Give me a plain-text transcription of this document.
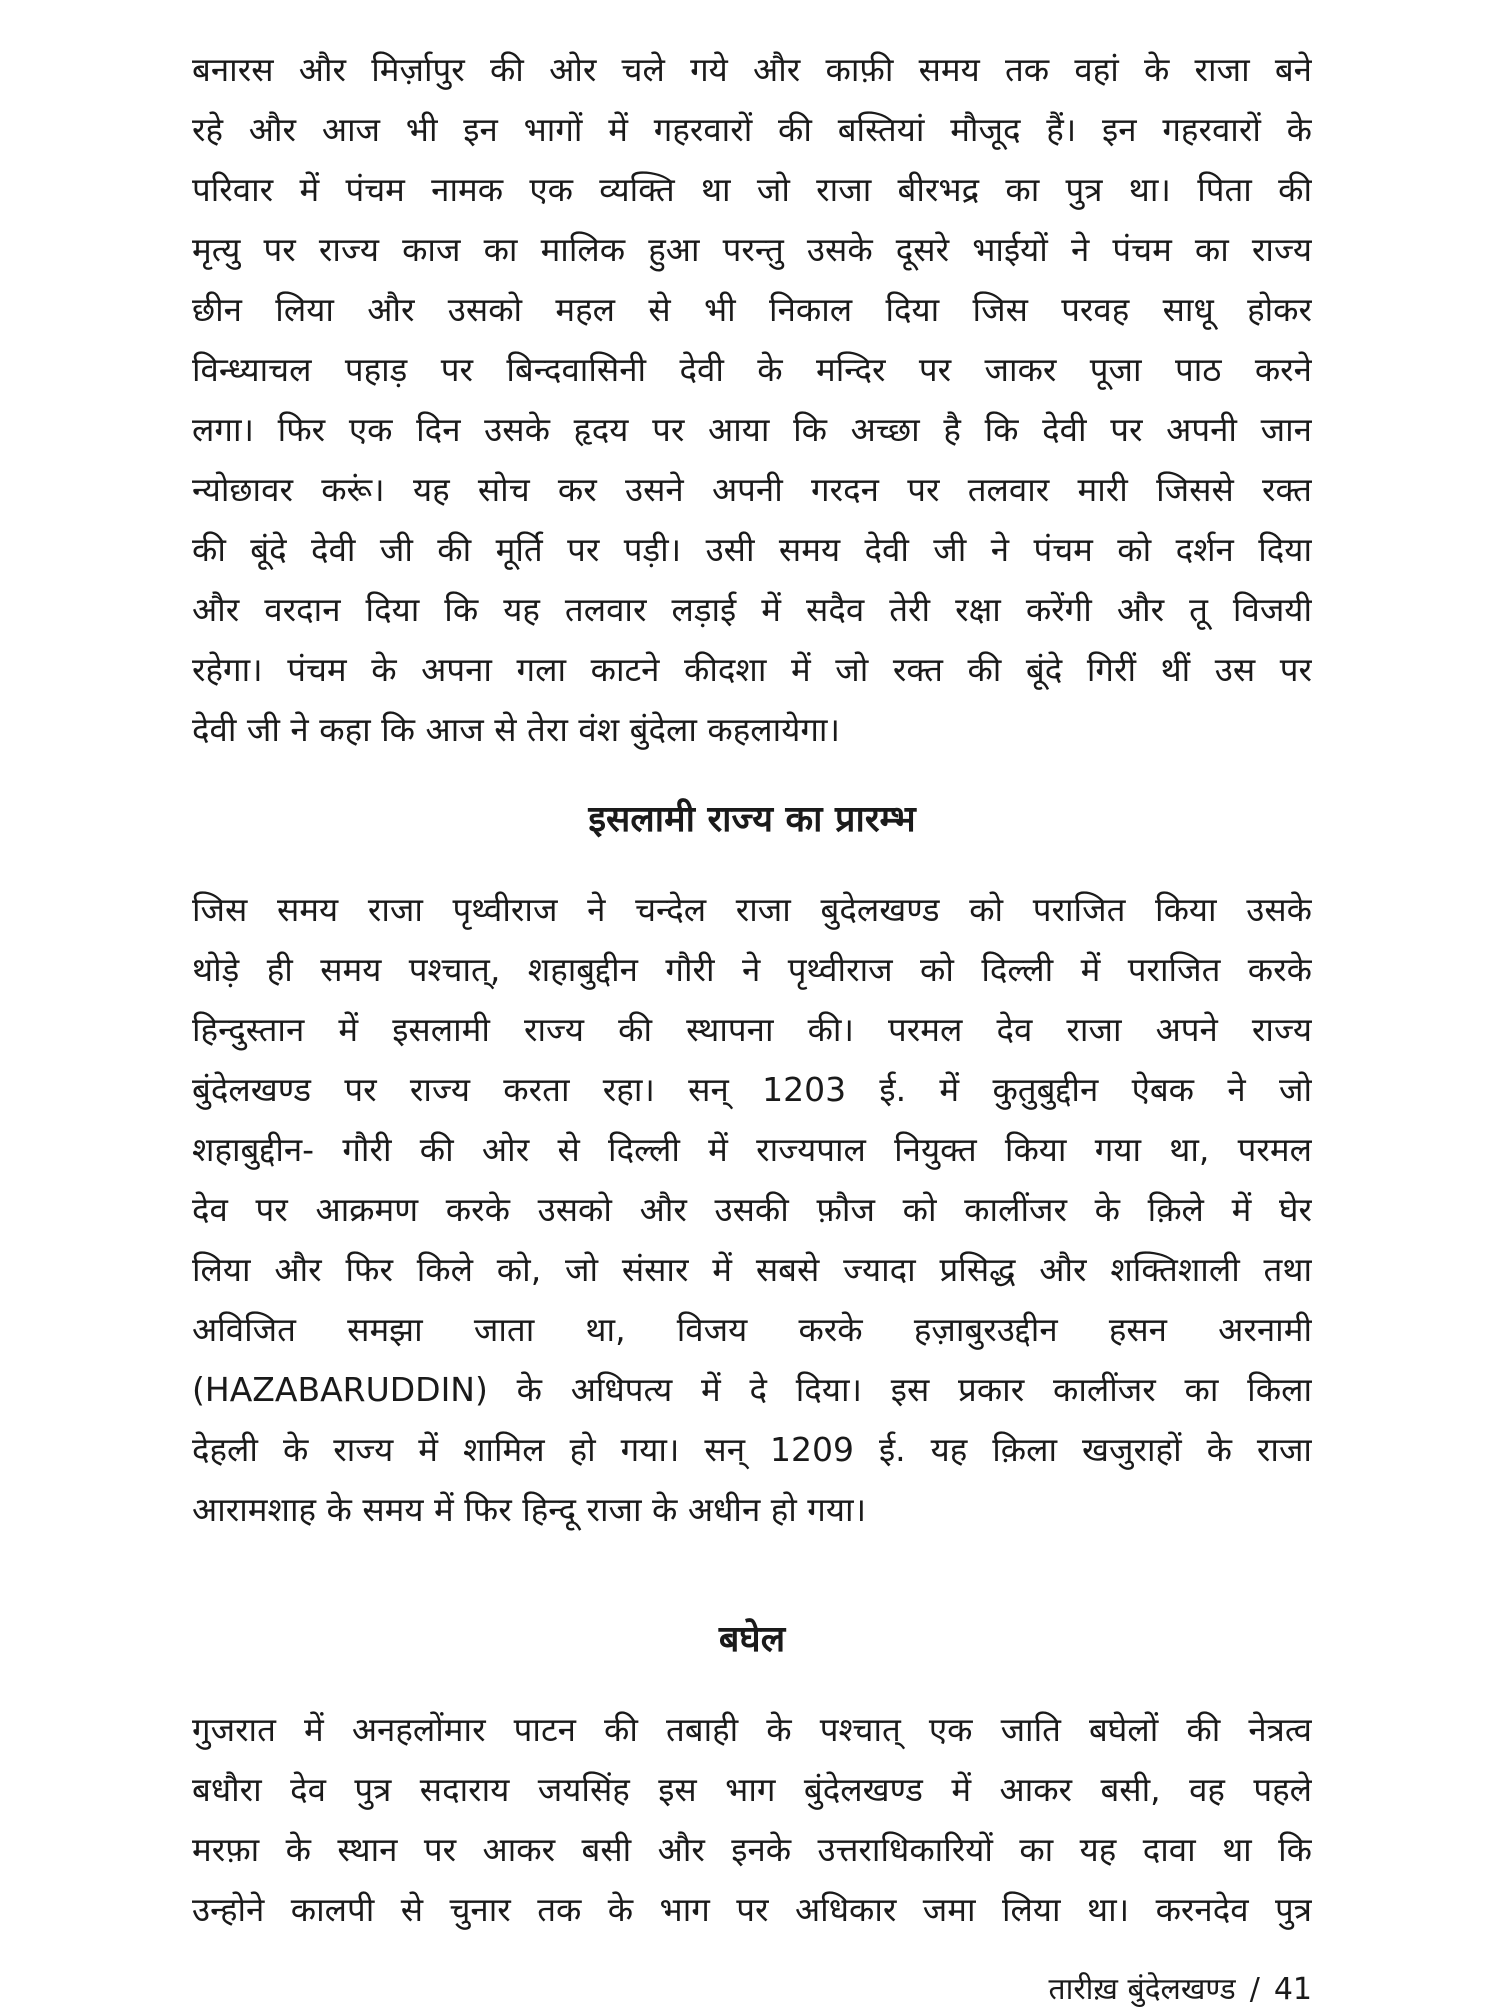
बनारस और मिर्ज़ापुर की ओर चले गये और काफ़ी समय तक वहां के राजा बने
रहे और आज भी इन भागों में गहरवारों की बस्तियां मौजूद हैं। इन गहरवारों के
परिवार में पंचम नामक एक व्यक्ति था जो राजा बीरभद्र का पुत्र था। पिता की
मृत्यु पर राज्य काज का मालिक हुआ परन्तु उसके दूसरे भाईयों ने पंचम का राज्य
छीन लिया और उसको महल से भी निकाल दिया जिस परवह साधू होकर
विन्ध्याचल पहाड़ पर बिन्दवासिनी देवी के मन्दिर पर जाकर पूजा पाठ करने
लगा। फिर एक दिन उसके हृदय पर आया कि अच्छा है कि देवी पर अपनी जान
न्योछावर करूं। यह सोच कर उसने अपनी गरदन पर तलवार मारी जिससे रक्त
की बूंदे देवी जी की मूर्ति पर पड़ी। उसी समय देवी जी ने पंचम को दर्शन दिया
और वरदान दिया कि यह तलवार लड़ाई में सदैव तेरी रक्षा करेंगी और तू विजयी
रहेगा। पंचम के अपना गला काटने कीदशा में जो रक्त की बूंदे गिरीं थीं उस पर
देवी जी ने कहा कि आज से तेरा वंश बुंदेला कहलायेगा।
इसलामी राज्य का प्रारम्भ
जिस समय राजा पृथ्वीराज ने चन्देल राजा बुदेलखण्ड को पराजित किया उसके
थोड़े ही समय पश्चात्, शहाबुद्दीन गौरी ने पृथ्वीराज को दिल्ली में पराजित करके
हिन्दुस्तान में इसलामी राज्य की स्थापना की। परमल देव राजा अपने राज्य
बुंदेलखण्ड पर राज्य करता रहा। सन् 1203 ई. में कुतुबुद्दीन ऐबक ने जो
शहाबुद्दीन- गौरी की ओर से दिल्ली में राज्यपाल नियुक्त किया गया था, परमल
देव पर आक्रमण करके उसको और उसकी फ़ौज को कालींजर के क़िले में घेर
लिया और फिर किले को, जो संसार में सबसे ज्यादा प्रसिद्ध और शक्तिशाली तथा
अविजित समझा जाता था, विजय करके हज़ाबुरउद्दीन हसन अरनामी
(HAZABARUDDIN) के अधिपत्य में दे दिया। इस प्रकार कालींजर का किला
देहली के राज्य में शामिल हो गया। सन् 1209 ई. यह क़िला खजुराहों के राजा
आरामशाह के समय में फिर हिन्दू राजा के अधीन हो गया।
बघेल
गुजरात में अनहलोंमार पाटन की तबाही के पश्चात् एक जाति बघेलों की नेत्रत्व
बधौरा देव पुत्र सदाराय जयसिंह इस भाग बुंदेलखण्ड में आकर बसी, वह पहले
मरफ़ा के स्थान पर आकर बसी और इनके उत्तराधिकारियों का यह दावा था कि
उन्होने कालपी से चुनार तक के भाग पर अधिकार जमा लिया था। करनदेव पुत्र
तारीख़ बुंदेलखण्ड / 41
